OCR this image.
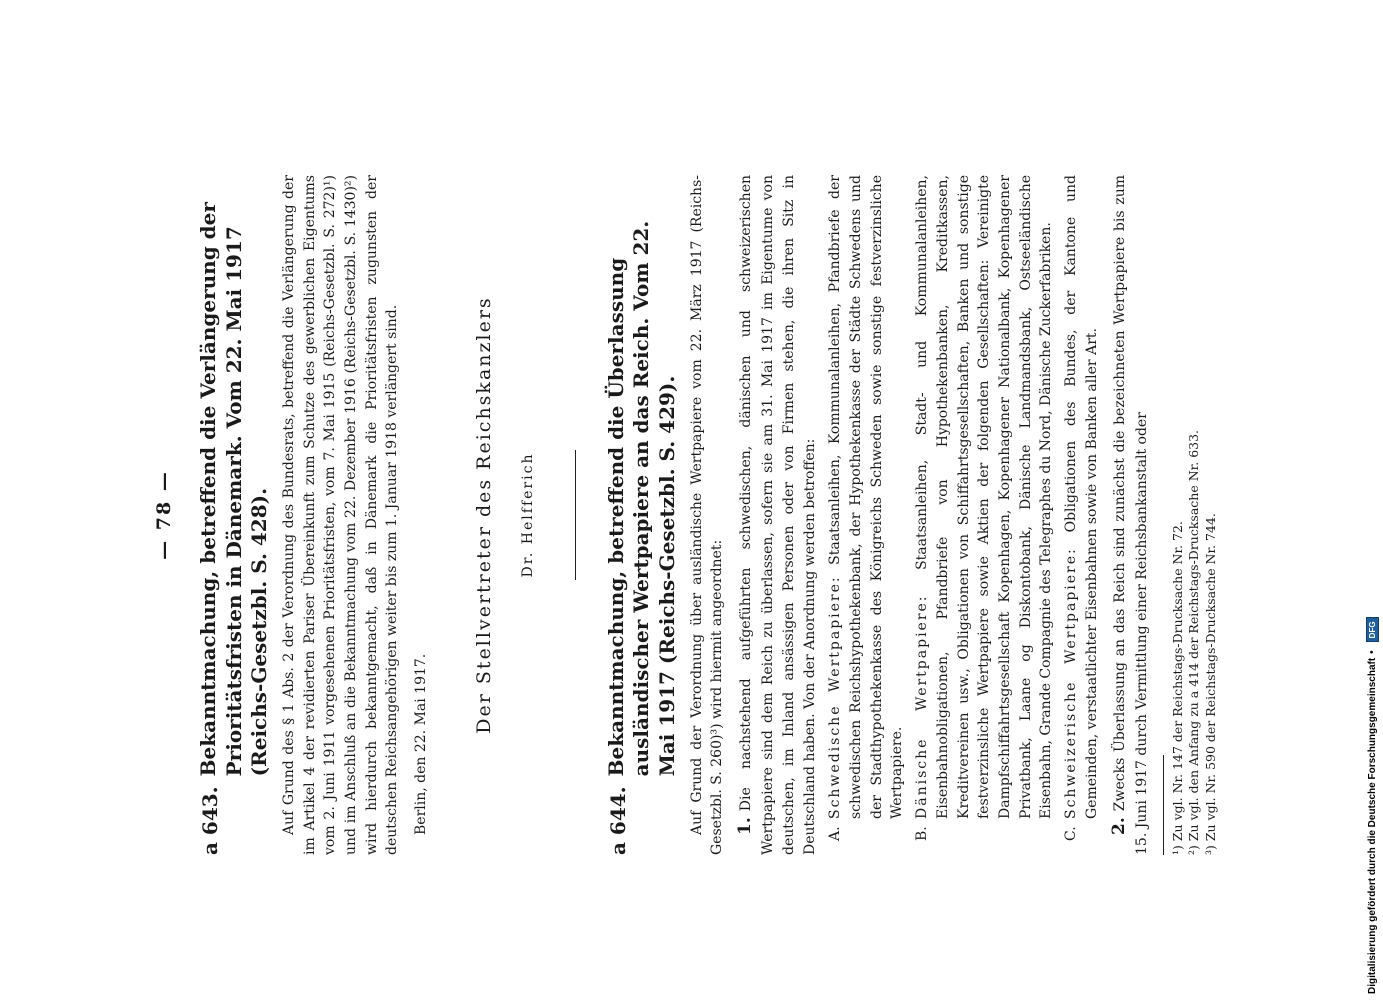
— 78 —
a 643.
Bekanntmachung, betreffend die Verlängerung der Prioritätsfristen in Dänemark. Vom 22. Mai 1917 (Reichs-Gesetzbl. S. 428). Auf Grund des § 1 Abs. 2 der Verordnung des Bundesrats, betreffend die Verlängerung der im Artikel 4 der revidierten Pariser Übereinkunft zum Schutze des gewerblichen Eigentums vom 2. Juni 1911 vorgesehenen Prioritätsfristen, vom 7. Mai 1915 (Reichs-Gesetzbl. S. 272)¹) und im Anschluß an die Bekanntmachung vom 22. Dezember 1916 (Reichs-Gesetzbl. S. 1430)²) wird hierdurch bekanntgemacht, daß in Dänemark die Prioritätsfristen zugunsten der deutschen Reichsangehörigen weiter bis zum 1. Januar 1918 verlängert sind. Berlin, den 22. Mai 1917.
Der Stellvertreter des Reichskanzlers Dr. Helfferich
a 644.
Bekanntmachung, betreffend die Überlassung ausländischer Wertpapiere an das Reich. Vom 22. Mai 1917 (Reichs-Gesetzbl. S. 429). Auf Grund der Verordnung über ausländische Wertpapiere vom 22. März 1917 (Reichs-Gesetzbl. S. 260)³) wird hiermit angeordnet: 1.Die nachstehend aufgeführten schwedischen, dänischen und schweizerischen Wertpapiere sind dem Reich zu überlassen, sofern sie am 31. Mai 1917 im Eigentume von deutschen, im Inland ansässigen Personen oder von Firmen stehen, die ihren Sitz in Deutschland haben. Von der Anordnung werden betroffen: A.
Schwedische Wertpapiere: Staatsanleihen, Kommunalanleihen, Pfandbriefe der schwedischen Reichshypothekenbank, der Hypothekenkasse der Städte Schwedens und der Stadthypothekenkasse des Königreichs Schweden sowie sonstige festverzinsliche Wertpapiere.
B.
Dänische Wertpapiere: Staatsanleihen, Stadt- und Kommunalanleihen, Eisenbahnobligationen, Pfandbriefe von Hypothekenbanken, Kreditkassen, Kreditvereinen usw., Obligationen von Schiffahrtsgesellschaften, Banken und sonstige festverzinsliche Wertpapiere sowie Aktien der folgenden Gesellschaften: Vereinigte Dampfschiffahrtsgesellschaft Kopenhagen, Kopenhagener Nationalbank, Kopenhagener Privatbank, Laane og Diskontobank, Dänische Landmandsbank, Ostseeländische Eisenbahn, Grande Compagnie des Telegraphes du Nord, Dänische Zuckerfabriken.
C.
Schweizerische Wertpapiere: Obligationen des Bundes, der Kantone und Gemeinden, verstaatlichter Eisenbahnen sowie von Banken aller Art.

2.Zwecks Überlassung an das Reich sind zunächst die bezeichneten Wertpapiere bis zum 15. Juni 1917 durch Vermittlung einer Reichsbankanstalt oder ¹) Zu vgl. Nr. 147 der Reichstags-Drucksache Nr. 72.
²) Zu vgl. den Anfang zu a 414 der Reichstags-Drucksache Nr. 633.
³) Zu vgl. Nr. 590 der Reichstags-Drucksache Nr. 744.	Digitalisierung gefördert durch die Deutsche Forschungsgemeinschaft
•
DFG
